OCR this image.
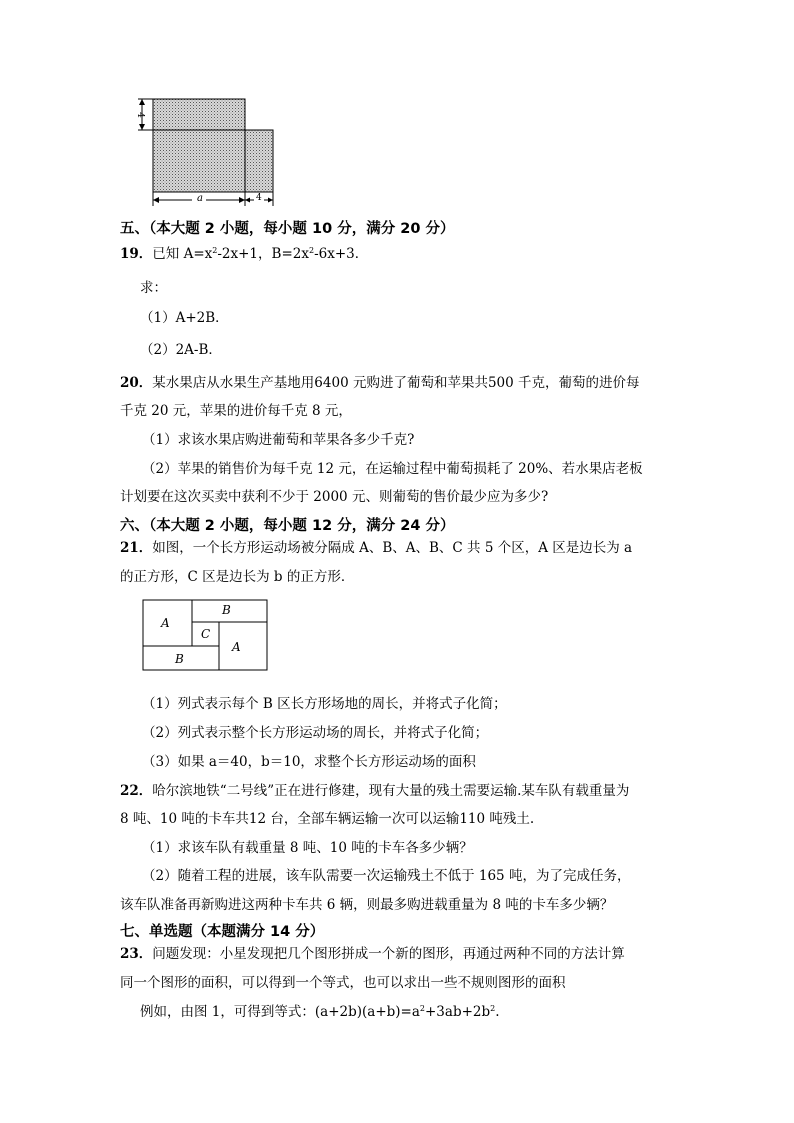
4
a	4
五、（本大题 2 小题，每小题 10 分，满分 20 分）
19．已知 $A=x^2-2x+1$，$B=2x^2-6x+3$．
求：
（1）A+2B．
（2）2A-B．
20．某水果店从水果生产基地用6400 元购进了葡萄和苹果共500 千克，葡萄的进价每
千克 20 元，苹果的进价每千克 8 元，
（1）求该水果店购进葡萄和苹果各多少千克?
（2）苹果的销售价为每千克 12 元，在运输过程中葡萄损耗了 20%、若水果店老板
计划要在这次买卖中获利不少于 2000 元、则葡萄的售价最少应为多少?
六、（本大题 2 小题，每小题 12 分，满分 24 分）
21．如图，一个长方形运动场被分隔成 A、B、A、B、C 共 5 个区，A 区是边长为 a
的正方形，C 区是边长为 b 的正方形．
A
B
C
A
B
（1）列式表示每个 B 区长方形场地的周长，并将式子化简；
（2）列式表示整个长方形运动场的周长，并将式子化简；
（3）如果 a＝40，b＝10，求整个长方形运动场的面积
22．哈尔滨地铁“二号线”正在进行修建，现有大量的残土需要运输.某车队有载重量为
8 吨、10 吨的卡车共12 台，全部车辆运输一次可以运输110 吨残土.
（1）求该车队有载重量 8 吨、10 吨的卡车各多少辆？
（2）随着工程的进展，该车队需要一次运输残土不低于 165 吨，为了完成任务，
该车队准备再新购进这两种卡车共 6 辆，则最多购进载重量为 8 吨的卡车多少辆？
七、单选题（本题满分 14 分）
23．问题发现：小星发现把几个图形拼成一个新的图形，再通过两种不同的方法计算
同一个图形的面积，可以得到一个等式，也可以求出一些不规则图形的面积
例如，由图 1，可得到等式：$(a+2b)(a+b)=a^2+3ab+2b^2$.
